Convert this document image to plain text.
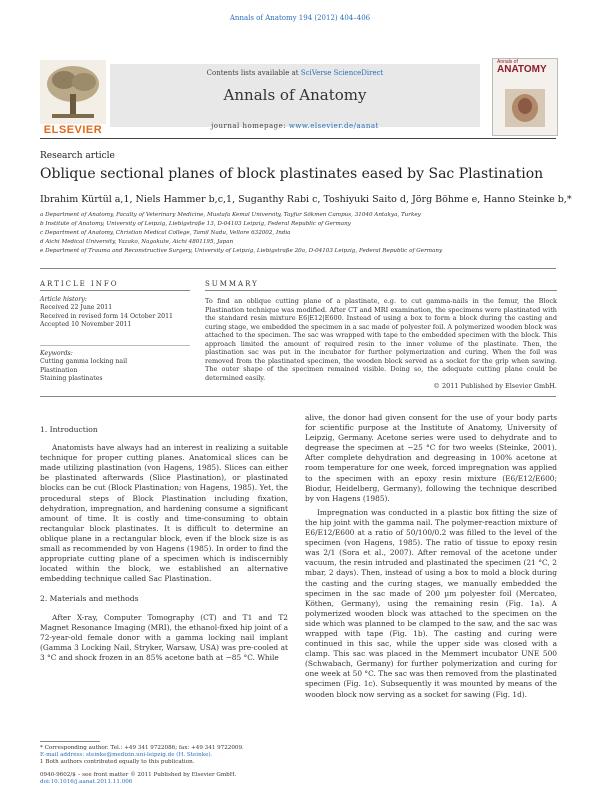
Annals of Anatomy 194 (2012) 404–406
Contents lists available at SciVerse ScienceDirect
Annals of Anatomy
journal homepage: www.elsevier.de/aanat
ELSEVIER
Annals of
ANATOMY
Research article
Oblique sectional planes of block plastinates eased by Sac Plastination
Ibrahim Kürtül a,1, Niels Hammer b,c,1, Suganthy Rabi c, Toshiyuki Saito d, Jörg Böhme e, Hanno Steinke b,*
a Department of Anatomy, Faculty of Veterinary Medicine, Mustafa Kemal University, Tayfur Sökmen Campus, 31040 Antakya, Turkey
b Institute of Anatomy, University of Leipzig, Liebigstraße 13, D-04103 Leipzig, Federal Republic of Germany
c Department of Anatomy, Christian Medical College, Tamil Nadu, Vellore 632002, India
d Aichi Medical University, Yazako, Nagakute, Aichi 4801195, Japan
e Department of Trauma and Reconstructive Surgery, University of Leipzig, Liebigstraße 20a, D-04103 Leipzig, Federal Republic of Germany
ARTICLE INFO
Article history:
Received 22 June 2011
Received in revised form 14 October 2011
Accepted 10 November 2011
Keywords:
Cutting gamma locking nail
Plastination
Staining plastinates
SUMMARY
To find an oblique cutting plane of a plastinate, e.g. to cut gamma-nails in the femur, the Block Plastination technique was modified. After CT and MRI examination, the specimens were plastinated with the standard resin mixture E6|E12|E600. Instead of using a box to form a block during the casting and curing stage, we embedded the specimen in a sac made of polyester foil. A polymerized wooden block was attached to the specimen. The sac was wrapped with tape to the embedded specimen with the block. This approach limited the amount of required resin to the inner volume of the plastinate. Then, the plastination sac was put in the incubator for further polymerization and curing. When the foil was removed from the plastinated specimen, the wooden block served as a socket for the grip when sawing. The outer shape of the specimen remained visible. Doing so, the adequate cutting plane could be determined easily.
© 2011 Published by Elsevier GmbH.
1. Introduction

Anatomists have always had an interest in realizing a suitable technique for proper cutting planes. Anatomical slices can be made utilizing plastination (von Hagens, 1985). Slices can either be plastinated afterwards (Slice Plastination), or plastinated blocks can be cut (Block Plastination; von Hagens, 1985). Yet, the procedural steps of Block Plastination including fixation, dehydration, impregnation, and hardening consume a significant amount of time. It is costly and time-consuming to obtain rectangular block plastinates. It is difficult to determine an oblique plane in a rectangular block, even if the block size is as small as recommended by von Hagens (1985). In order to find the appropriate cutting plane of a specimen which is indiscernibly located within the block, we established an alternative embedding technique called Sac Plastination.

2. Materials and methods

After X-ray, Computer Tomography (CT) and T1 and T2 Magnet Resonance Imaging (MRI), the ethanol-fixed hip joint of a 72-year-old female donor with a gamma locking nail implant (Gamma 3 Locking Nail, Stryker, Warsaw, USA) was pre-cooled at 3 °C and shock frozen in an 85% acetone bath at −85 °C. While

alive, the donor had given consent for the use of your body parts for scientific purpose at the Institute of Anatomy, University of Leipzig, Germany. Acetone series were used to dehydrate and to degrease the specimen at −25 °C for two weeks (Steinke, 2001). After complete dehydration and degreasing in 100% acetone at room temperature for one week, forced impregnation was applied to the specimen with an epoxy resin mixture (E6/E12/E600; Biodur, Heidelberg, Germany), following the technique described by von Hagens (1985).

Impregnation was conducted in a plastic box fitting the size of the hip joint with the gamma nail. The polymer-reaction mixture of E6/E12/E600 at a ratio of 50/100/0.2 was filled to the level of the specimen (von Hagens, 1985). The ratio of tissue to epoxy resin was 2/1 (Sora et al., 2007). After removal of the acetone under vacuum, the resin intruded and plastinated the specimen (21 °C, 2 mbar, 2 days). Then, instead of using a box to mold a block during the casting and the curing stages, we manually embedded the specimen in the sac made of 200 µm polyester foil (Mercateo, Köthen, Germany), using the remaining resin (Fig. 1a). A polymerized wooden block was attached to the specimen on the side which was planned to be clamped to the saw, and the sac was wrapped with tape (Fig. 1b). The casting and curing were continued in this sac, while the upper side was closed with a clamp. This sac was placed in the Memmert incubator UNE 500 (Schwabach, Germany) for further polymerization and curing for one week at 50 °C. The sac was then removed from the plastinated specimen (Fig. 1c). Subsequently it was mounted by means of the wooden block now serving as a socket for sawing (Fig. 1d).

* Corresponding author. Tel.: +49 341 9722086; fax: +49 341 9722009.
E-mail address: steinke@medizin.uni-leipzig.de (H. Steinke).
1 Both authors contributed equally to this publication.
0940-9602/$ – see front matter © 2011 Published by Elsevier GmbH.
doi:10.1016/j.aanat.2011.11.006
